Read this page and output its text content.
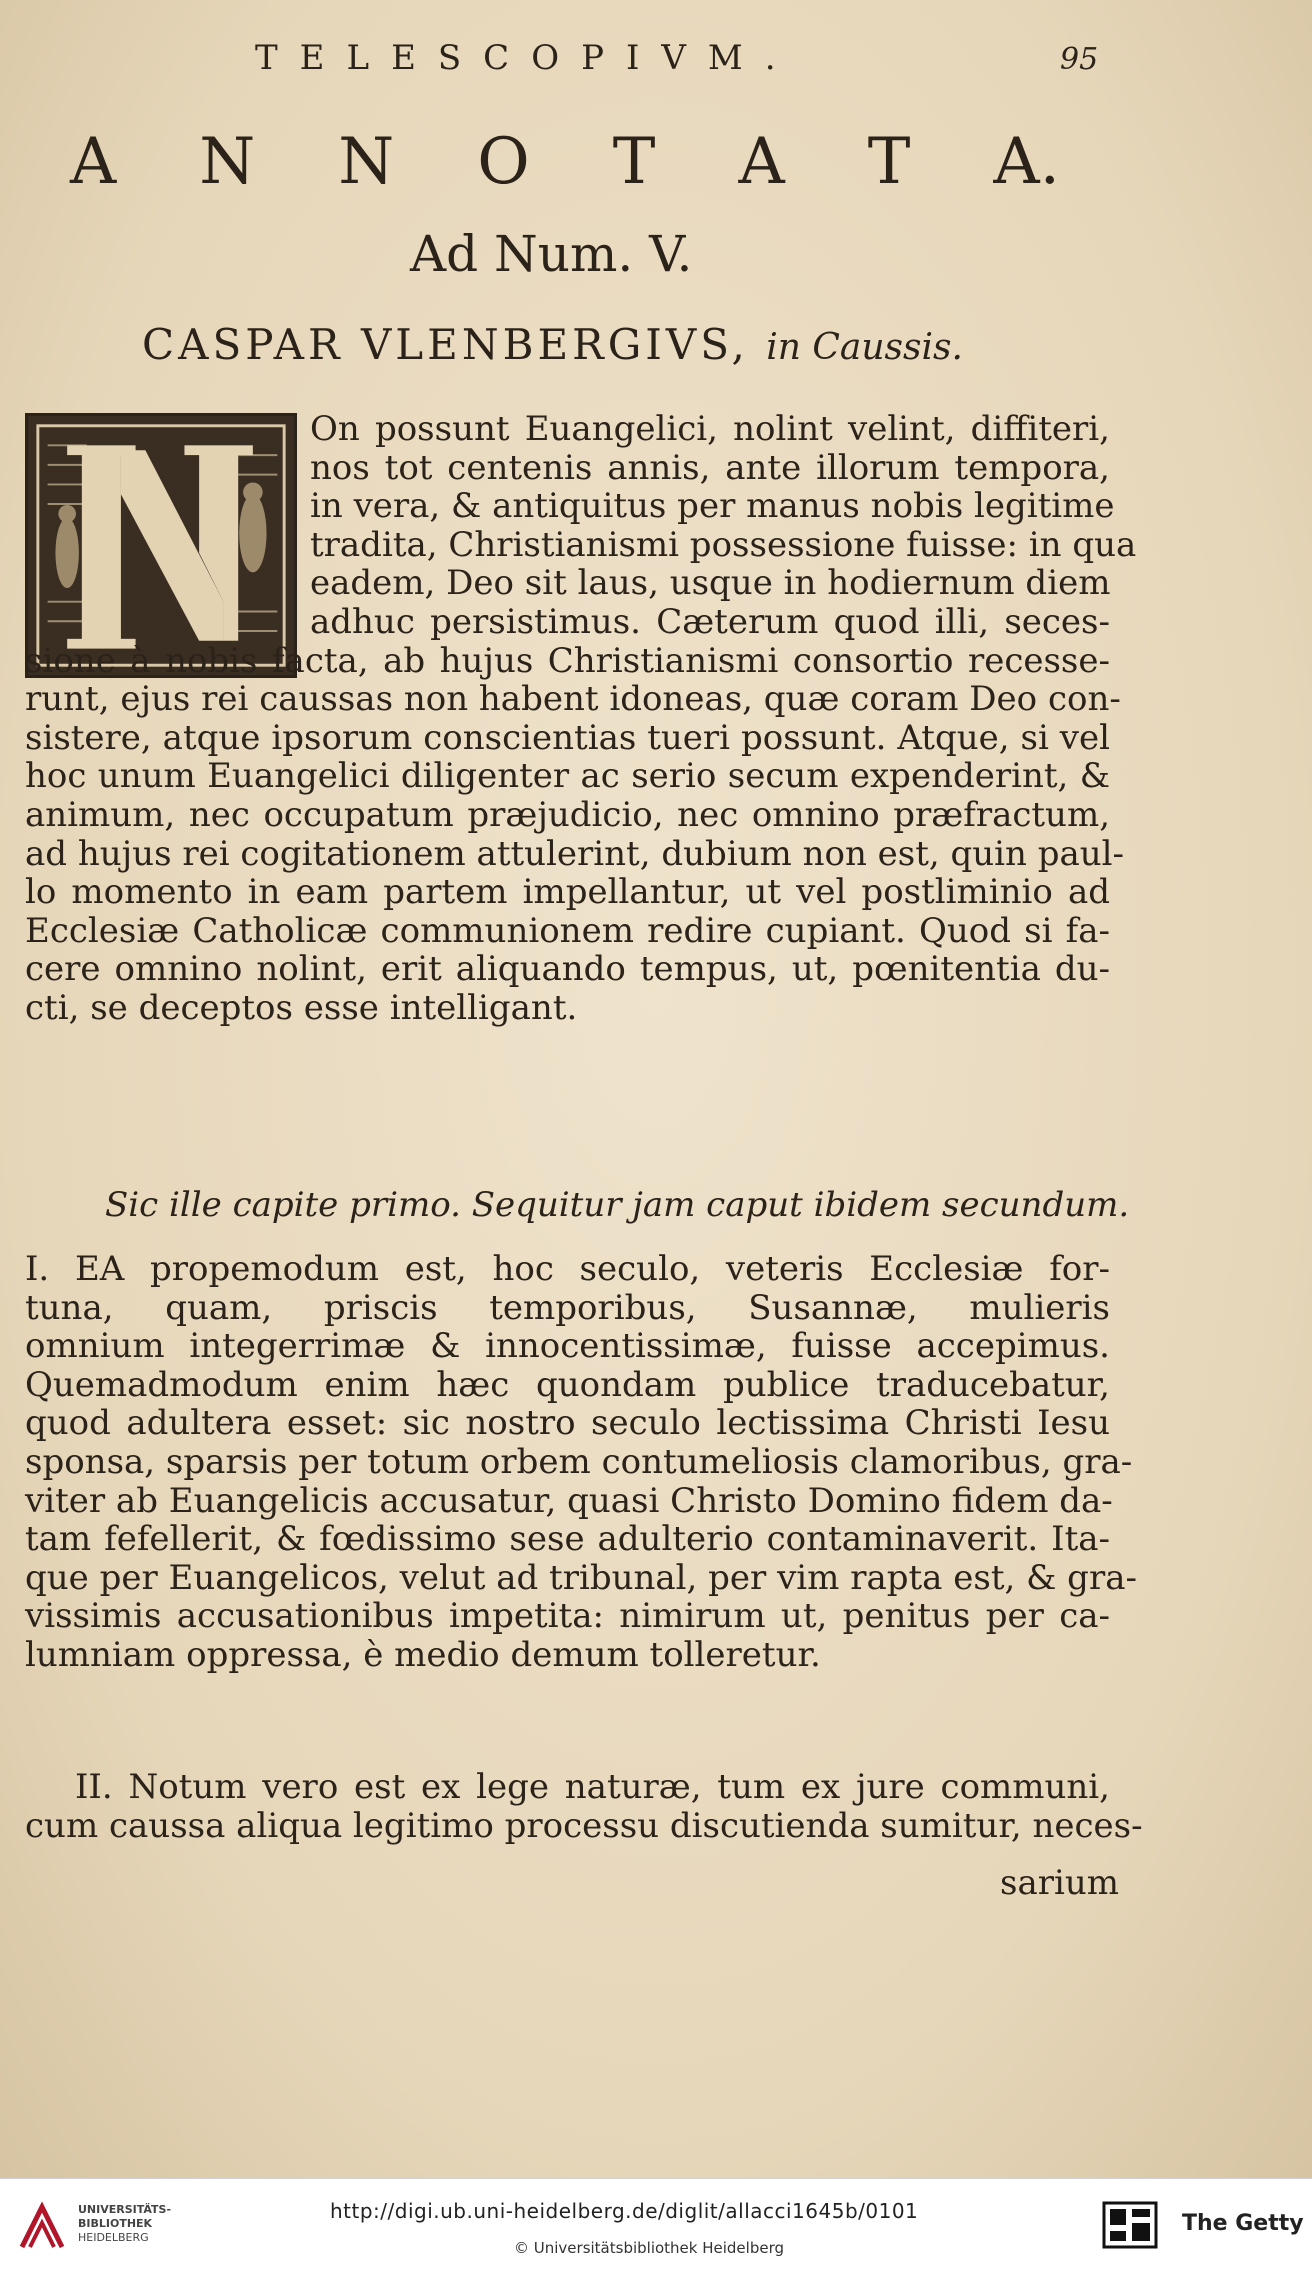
TELESCOPIVM.	95
A N N O T A T A.
Ad Num. V.
CASPAR VLENBERGIVS, in Caussis.
On possunt Euangelici, nolint velint, diffiteri,
nos tot centenis annis, ante illorum tempora,
in vera, & antiquitus per manus nobis legitime
tradita, Christianismi possessione fuisse: in qua
eadem, Deo sit laus, usque in hodiernum diem
adhuc persistimus. Cæterum quod illi, seces-
sione à nobis facta, ab hujus Christianismi consortio recesse-
runt, ejus rei caussas non habent idoneas, quæ coram Deo con-
sistere, atque ipsorum conscientias tueri possunt. Atque, si vel
hoc unum Euangelici diligenter ac serio secum expenderint, &
animum, nec occupatum præjudicio, nec omnino præfractum,
ad hujus rei cogitationem attulerint, dubium non est, quin paul-
lo momento in eam partem impellantur, ut vel postliminio ad
Ecclesiæ Catholicæ communionem redire cupiant. Quod si fa-
cere omnino nolint, erit aliquando tempus, ut, pœnitentia du-
cti, se deceptos esse intelligant.
Sic ille capite primo. Sequitur jam caput ibidem secundum.
I. EA propemodum est, hoc seculo, veteris Ecclesiæ for-
tuna, quam, priscis temporibus, Susannæ, mulieris
omnium integerrimæ & innocentissimæ, fuisse accepimus.
Quemadmodum enim hæc quondam publice traducebatur,
quod adultera esset: sic nostro seculo lectissima Christi Iesu
sponsa, sparsis per totum orbem contumeliosis clamoribus, gra-
viter ab Euangelicis accusatur, quasi Christo Domino fidem da-
tam fefellerit, & fœdissimo sese adulterio contaminaverit. Ita-
que per Euangelicos, velut ad tribunal, per vim rapta est, & gra-
vissimis accusationibus impetita: nimirum ut, penitus per ca-
lumniam oppressa, è medio demum tolleretur.
II. Notum vero est ex lege naturæ, tum ex jure communi,
cum caussa aliqua legitimo processu discutienda sumitur, neces-
sarium
UNIVERSITÄTS-
BIBLIOTHEK
HEIDELBERG
http://digi.ub.uni-heidelberg.de/diglit/allacci1645b/0101
© Universitätsbibliothek Heidelberg
The Getty
